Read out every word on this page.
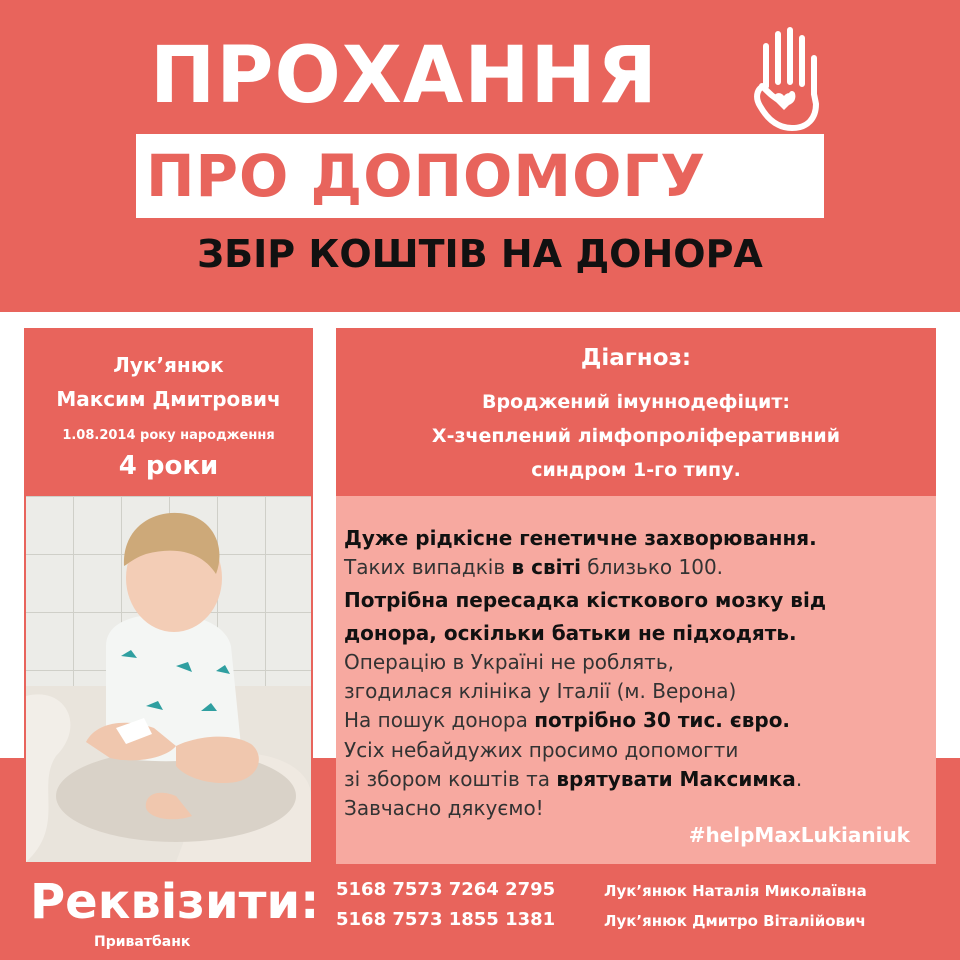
ПРОХАННЯ
ПРО ДОПОМОГУ
ЗБІР КОШТІВ НА ДОНОРА
Лук’янюк
Максим Дмитрович
1.08.2014 року народження
4 роки
Діагноз:
Вроджений імуннодефіцит:
Х-зчеплений лімфопроліферативний
синдром 1-го типу.
Дуже рідкісне генетичне захворювання.
Таких випадків в світі близько 100.
Потрібна пересадка кісткового мозку від
донора, оскільки батьки не підходять.
Операцію в Україні не роблять,
згодилася клініка у Італії (м. Верона)
На пошук донора потрібно 30 тис. євро.
Усіх небайдужих просимо допомогти
зі збором коштів та врятувати Максимка.
Завчасно дякуємо!
#helpMaxLukianiuk
Реквізити:
Приватбанк
5168 7573 7264 2795	Лук’янюк Наталія Миколаївна
5168 7573 1855 1381	Лук’янюк Дмитро Віталійович
